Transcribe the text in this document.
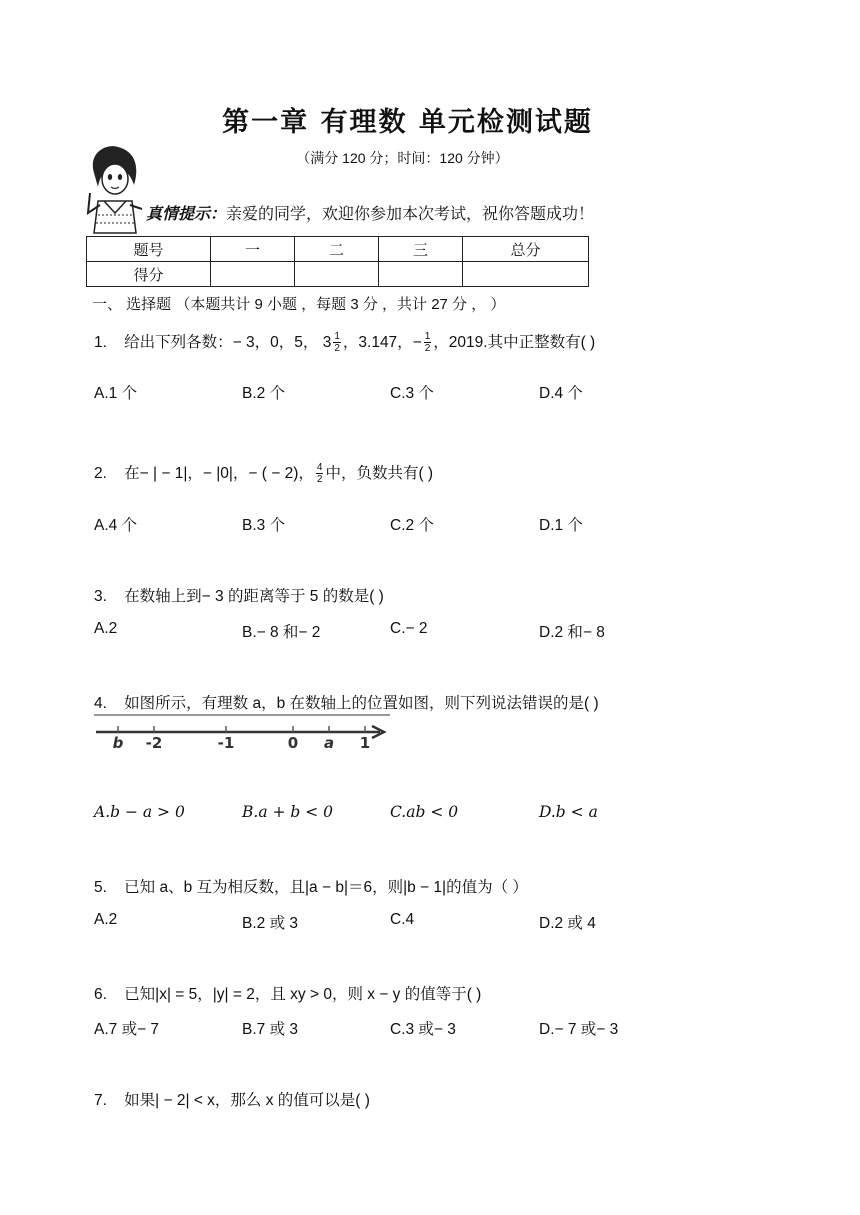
第一章 有理数 单元检测试题
（满分 120 分；时间：120 分钟）
真情提示：亲爱的同学，欢迎你参加本次考试，祝你答题成功！
题号	一	二	三	总分
得分				
一、 选择题 （本题共计 9 小题 ，每题 3 分 ，共计 27 分 ， ）
1. 给出下列各数：− 3，0，5， $3 \frac{1}{2}$ ，3.147，− $\frac{1}{2}$ ，2019.其中正整数有( )
A.1 个	B.2 个	C.3 个	D.4 个
2. 在− | − 1|，− |0|，− ( − 2)， $\frac{4}{2}$ 中，负数共有( )
A.4 个	B.3 个	C.2 个	D.1 个
3. 在数轴上到− 3 的距离等于 5 的数是( )
A.2	B.− 8 和− 2	C.− 2	D.2 和− 8
4. 如图所示，有理数 a，b 在数轴上的位置如图，则下列说法错误的是( )
b -2	-1	0 a 1
A.b − a > 0	B.a + b < 0	C.ab < 0	D.b < a
5. 已知 a、b 互为相反数，且|a − b|＝6，则|b − 1|的值为（ ）
A.2	B.2 或 3	C.4	D.2 或 4
6. 已知|x| = 5，|y| = 2，且 xy > 0，则 x − y 的值等于( )
A.7 或− 7	B.7 或 3	C.3 或− 3	D.− 7 或− 3
7. 如果| − 2| < x，那么 x 的值可以是( )
